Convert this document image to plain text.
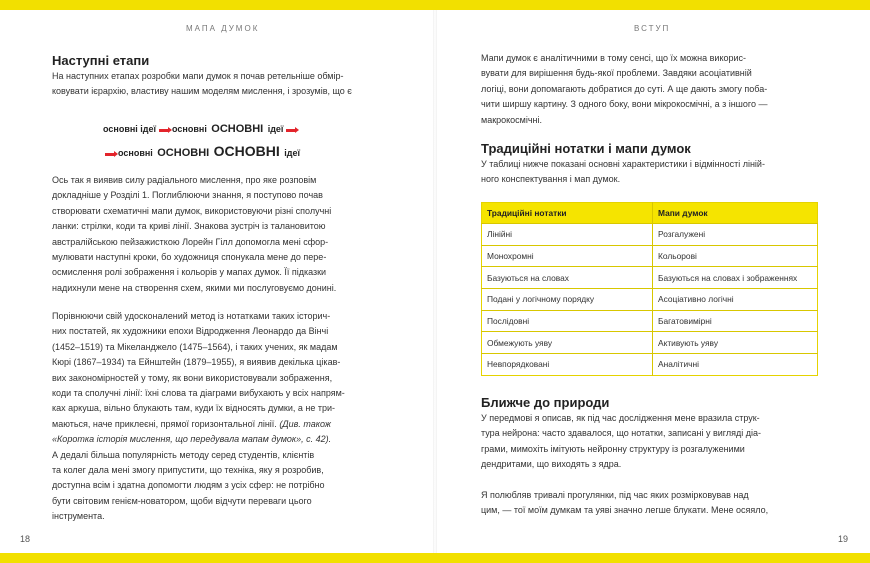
МАПА ДУМОК
Наступні етапи
На наступних етапах розробки мапи думок я почав ретельніше обмір-
ковувати ієрархію, властиву нашим моделям мислення, і зрозумів, що є
основні ідеї основні ОСНОВНІ ідеї
основні ОСНОВНІ ОСНОВНІ ідеї
Ось так я виявив силу радіального мислення, про яке розповім
докладніше у Розділі 1. Поглиблюючи знання, я поступово почав
створювати схематичні мапи думок, використовуючи різні сполучні
ланки: стрілки, коди та криві лінії. Знакова зустріч із талановитою
австралійською пейзажисткою Лорейн Гілл допомогла мені сфор-
мулювати наступні кроки, бо художниця спонукала мене до пере-
осмислення ролі зображення і кольорів у мапах думок. Її підказки
надихнули мене на створення схем, якими ми послуговуємо донині.
Порівнюючи свій удосконалений метод із нотатками таких історич-
них постатей, як художники епохи Відродження Леонардо да Вінчі
(1452–1519) та Мікеланджело (1475–1564), і таких учених, як мадам
Кюрі (1867–1934) та Ейнштейн (1879–1955), я виявив декілька цікав-
вих закономірностей у тому, як вони використовували зображення,
коди та сполучні лінії: їхні слова та діаграми вибухають у всіх напрям-
ках аркуша, вільно блукають там, куди їх відносять думки, а не три-
маються, наче приклеєні, прямої горизонтальної лінії. (Див. також
«Коротка історія мислення, що передувала мапам думок», с. 42).
А дедалі більша популярність методу серед студентів, клієнтів
та колег дала мені змогу припустити, що техніка, яку я розробив,
доступна всім і здатна допомогти людям з усіх сфер: не потрібно
бути світовим генієм-новатором, щоби відчути переваги цього
інструмента.
18
ВСТУП
Мапи думок є аналітичними в тому сенсі, що їх можна викорис-
вувати для вирішення будь-якої проблеми. Завдяки асоціативній
логіці, вони допомагають добратися до суті. А ще дають змогу поба-
чити ширшу картину. З одного боку, вони мікрокосмічні, а з іншого —
макрокосмічні.
Традиційні нотатки і мапи думок
У таблиці нижче показані основні характеристики і відмінності ліній-
ного конспектування і мап думок.
Традиційні нотатки	Мапи думок
Лінійні	Розгалужені
Монохромні	Кольорові
Базуються на словах	Базуються на словах і зображеннях
Подані у логічному порядку	Асоціативно логічні
Послідовні	Багатовимірні
Обмежують уяву	Активують уяву
Невпорядковані	Аналітичні
Ближче до природи
У передмові я описав, як під час дослідження мене вразила струк-
тура нейрона: часто здавалося, що нотатки, записані у вигляді діа-
грами, мимохіть імітують нейронну структуру із розгалуженими
дендритами, що виходять з ядра.
Я полюбляв тривалі прогулянки, під час яких розмірковував над
цим, — тої моїм думкам та уяві значно легше блукати. Мене осяяло,
19
